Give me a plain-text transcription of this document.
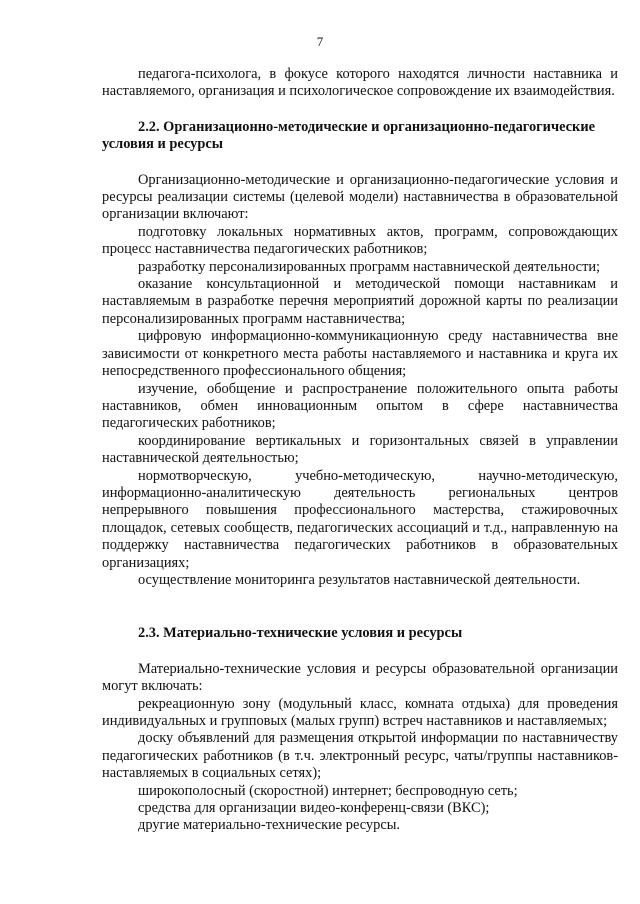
7

педагога-психолога, в фокусе которого находятся личности наставника и наставляемого, организация и психологическое сопровождение их взаимодействия.

2.2. Организационно-методические и организационно-педагогические условия и ресурсы

Организационно-методические и организационно-педагогические условия и ресурсы реализации системы (целевой модели) наставничества в образовательной организации включают:

подготовку локальных нормативных актов, программ, сопровождающих процесс наставничества педагогических работников;

разработку персонализированных программ наставнической деятельности;

оказание консультационной и методической помощи наставникам и наставляемым в разработке перечня мероприятий дорожной карты по реализации персонализированных программ наставничества;

цифровую информационно-коммуникационную среду наставничества вне зависимости от конкретного места работы наставляемого и наставника и круга их непосредственного профессионального общения;

изучение, обобщение и распространение положительного опыта работы наставников, обмен инновационным опытом в сфере наставничества педагогических работников;

координирование вертикальных и горизонтальных связей в управлении наставнической деятельностью;

нормотворческую, учебно-методическую, научно-методическую, информационно-аналитическую деятельность региональных центров непрерывного повышения профессионального мастерства, стажировочных площадок, сетевых сообществ, педагогических ассоциаций и т.д., направленную на поддержку наставничества педагогических работников в образовательных организациях;

осуществление мониторинга результатов наставнической деятельности.

2.3. Материально-технические условия и ресурсы

Материально-технические условия и ресурсы образовательной организации могут включать:

рекреационную зону (модульный класс, комната отдыха) для проведения индивидуальных и групповых (малых групп) встреч наставников и наставляемых;

доску объявлений для размещения открытой информации по наставничеству педагогических работников (в т.ч. электронный ресурс, чаты/группы наставников-наставляемых в социальных сетях);

широкополосный (скоростной) интернет; беспроводную сеть;

средства для организации видео-конференц-связи (ВКС);

другие материально-технические ресурсы.
